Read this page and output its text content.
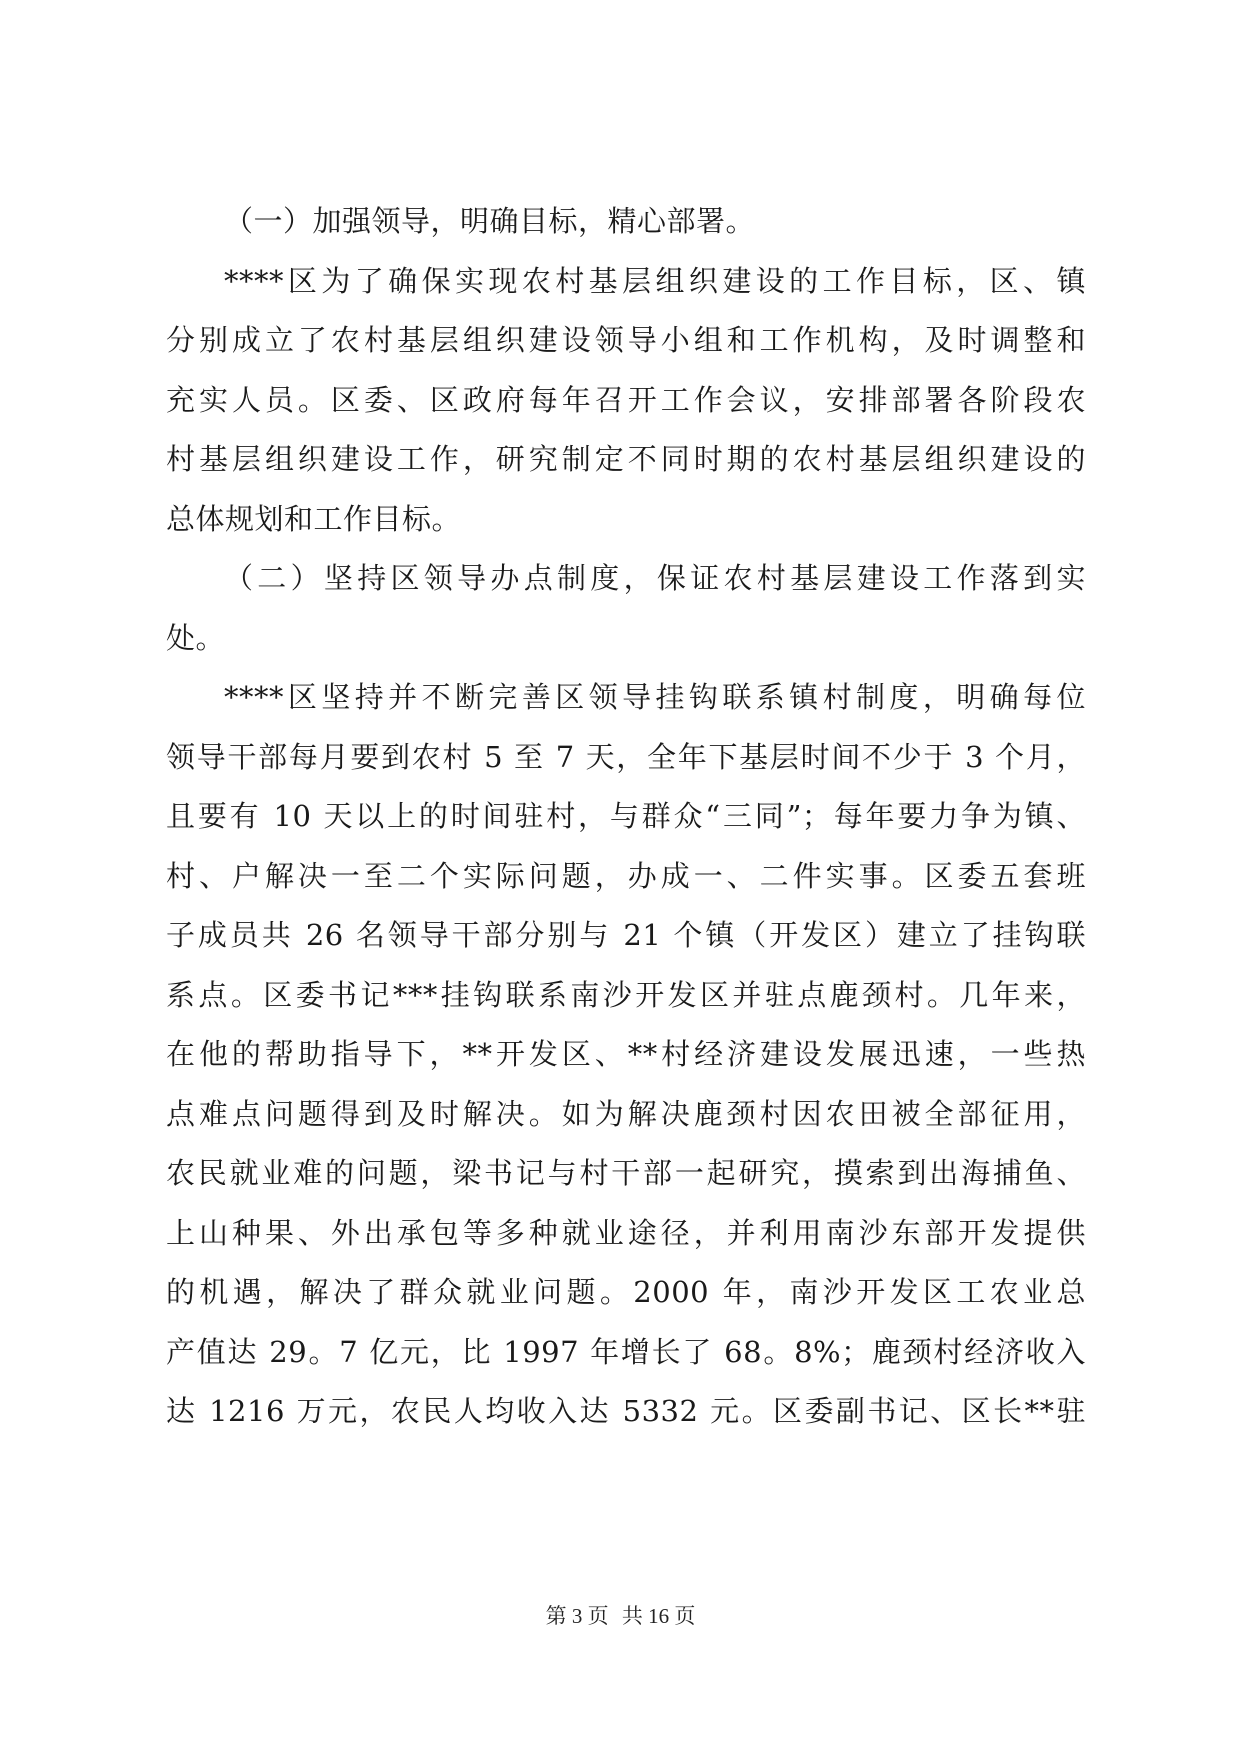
（一）加强领导，明确目标，精心部署。
****区为了确保实现农村基层组织建设的工作目标，区、镇
分别成立了农村基层组织建设领导小组和工作机构，及时调整和
充实人员。区委、区政府每年召开工作会议，安排部署各阶段农
村基层组织建设工作，研究制定不同时期的农村基层组织建设的
总体规划和工作目标。
（二）坚持区领导办点制度，保证农村基层建设工作落到实
处。
****区坚持并不断完善区领导挂钩联系镇村制度，明确每位
领导干部每月要到农村 5 至 7 天，全年下基层时间不少于 3 个月，
且要有 10 天以上的时间驻村，与群众“三同”；每年要力争为镇、
村、户解决一至二个实际问题，办成一、二件实事。区委五套班
子成员共 26 名领导干部分别与 21 个镇（开发区）建立了挂钩联
系点。区委书记***挂钩联系南沙开发区并驻点鹿颈村。几年来，
在他的帮助指导下，**开发区、**村经济建设发展迅速，一些热
点难点问题得到及时解决。如为解决鹿颈村因农田被全部征用，
农民就业难的问题，梁书记与村干部一起研究，摸索到出海捕鱼、
上山种果、外出承包等多种就业途径，并利用南沙东部开发提供
的机遇，解决了群众就业问题。2000 年，南沙开发区工农业总
产值达 29。7 亿元，比 1997 年增长了 68。8%；鹿颈村经济收入
达 1216 万元，农民人均收入达 5332 元。区委副书记、区长**驻
第 3 页 共 16 页
